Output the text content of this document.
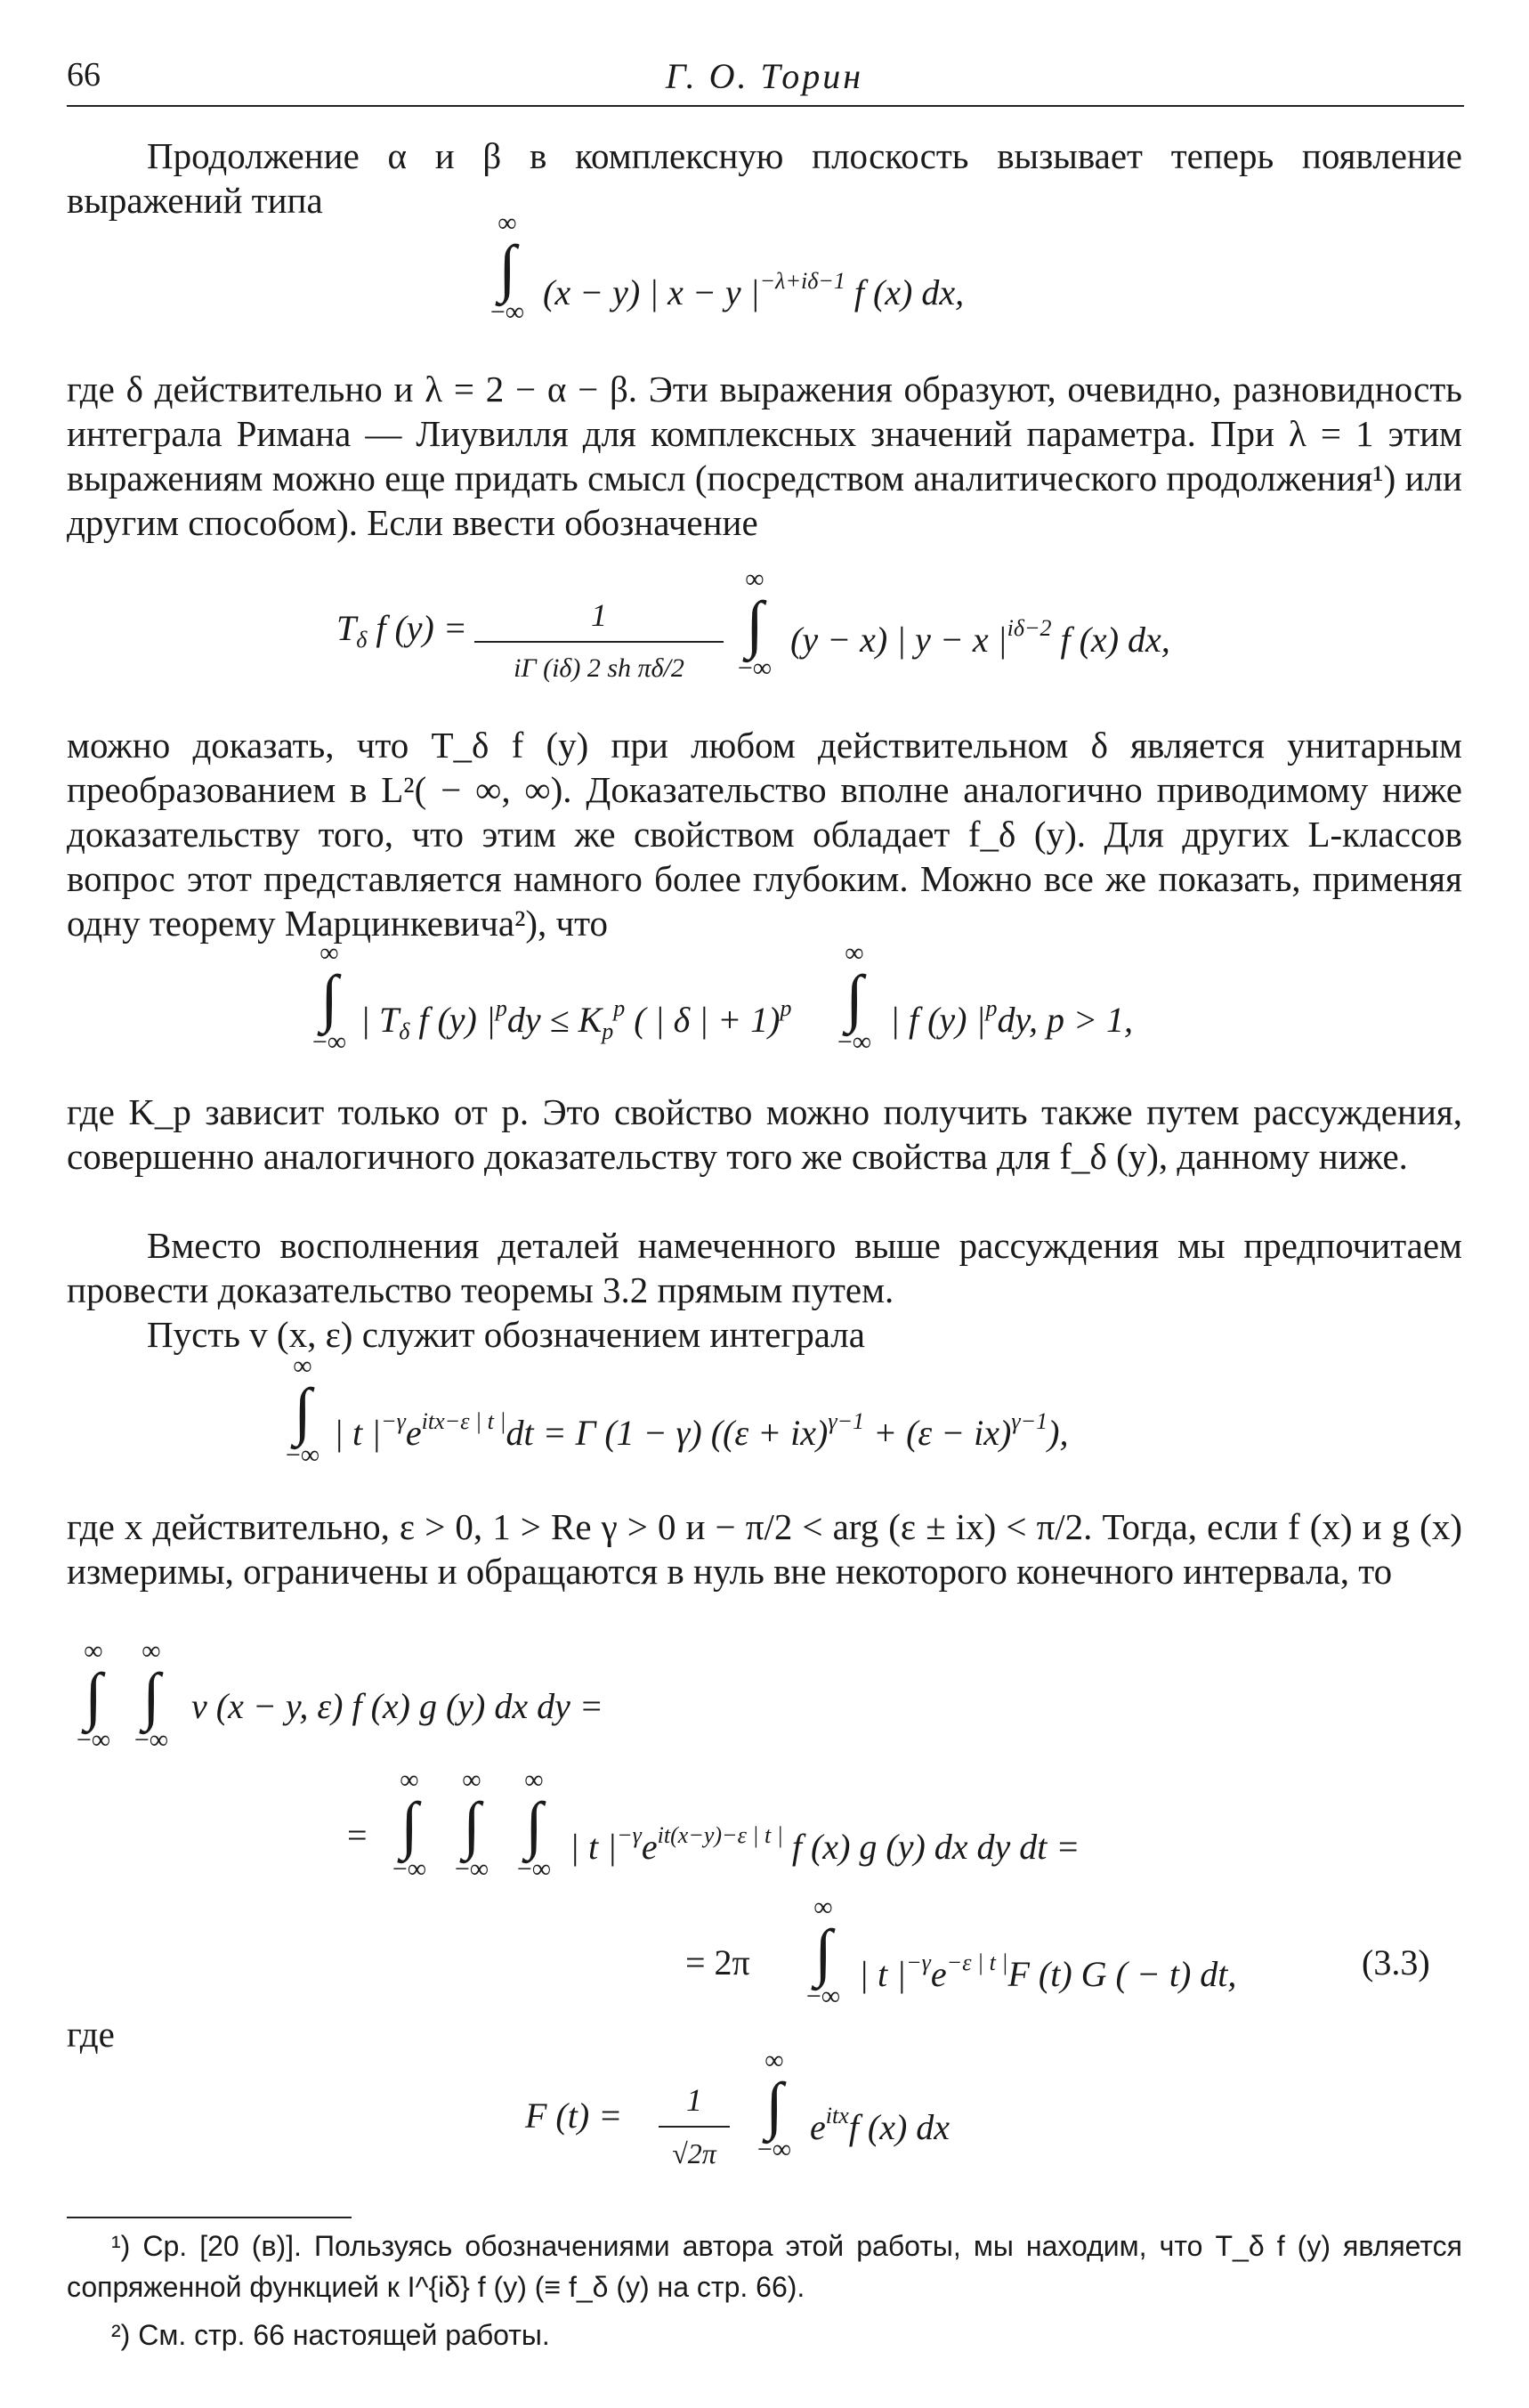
66	Г. О. Торин
Продолжение α и β в комплексную плоскость вызывает теперь появление выражений типа
∞
∫
−∞ (x − y) | x − y $|^{-\lambda+i\delta-1}$ f (x) dx,
где δ действительно и λ = 2 − α − β. Эти выражения образуют, очевидно, разновидность интеграла Римана — Лиувилля для комплексных значений параметра. При λ = 1 этим выражениям можно еще придать смысл (посредством аналитического продолжения¹) или другим способом). Если ввести обозначение
$T_\delta$ f (y) =	1
iΓ (iδ) 2 sh πδ/2
∞
∫
−∞
(y − x) | y − x $|^{i\delta-2}$ f (x) dx,
можно доказать, что T_δ f (y) при любом действительном δ является унитарным преобразованием в L²( − ∞, ∞). Доказательство вполне аналогично приводимому ниже доказательству того, что этим же свойством обладает f_δ (y). Для других L-классов вопрос этот представляется намного более глубоким. Можно все же показать, применяя одну теорему Марцинкевича²), что
∞
∫
−∞
| $T_\delta$ f (y) $|^pdy \le K_p^p$ ( | δ | + 1)$^p$
∞
∫
−∞
| f (y) $|^pdy$, p > 1,
где K_p зависит только от p. Это свойство можно получить также путем рассуждения, совершенно аналогичного доказательству того же свойства для f_δ (y), данному ниже.
Вместо восполнения деталей намеченного выше рассуждения мы предпочитаем провести доказательство теоремы 3.2 прямым путем.
Пусть v (x, ε) служит обозначением интеграла
∞
∫
−∞
| t $|^{-\gamma}e^{itx-\varepsilon | t |}dt = \Gamma$ (1 − γ) ((ε + ix)$^{\gamma-1}$ + (ε − ix)$^{\gamma-1}$),
где x действительно, ε > 0, 1 > Re γ > 0 и − π/2 < arg (ε ± ix) < π/2. Тогда, если f (x) и g (x) измеримы, ограничены и обращаются в нуль вне некоторого конечного интервала, то
∞
∫
−∞
∞
∫
−∞
v (x − y, ε) f (x) g (y) dx dy =
=
∞
∫
−∞
∞
∫
−∞
∞
∫
−∞
| t $|^{-\gamma}e^{it(x-y)-\varepsilon | t |}$ f (x) g (y) dx dy dt =
= 2π
∞
∫
−∞
| t $|^{-\gamma}e^{-\varepsilon | t |}F$ (t) G ( − t) dt,	(3.3)
где
F (t) =	1
√2π
∞
∫
−∞
$e^{itx}f$ (x) dx
¹) Ср. [20 (в)]. Пользуясь обозначениями автора этой работы, мы находим, что T_δ f (y) является сопряженной функцией к I^{iδ} f (y) (≡ f_δ (y) на стр. 66).
²) См. стр. 66 настоящей работы.
